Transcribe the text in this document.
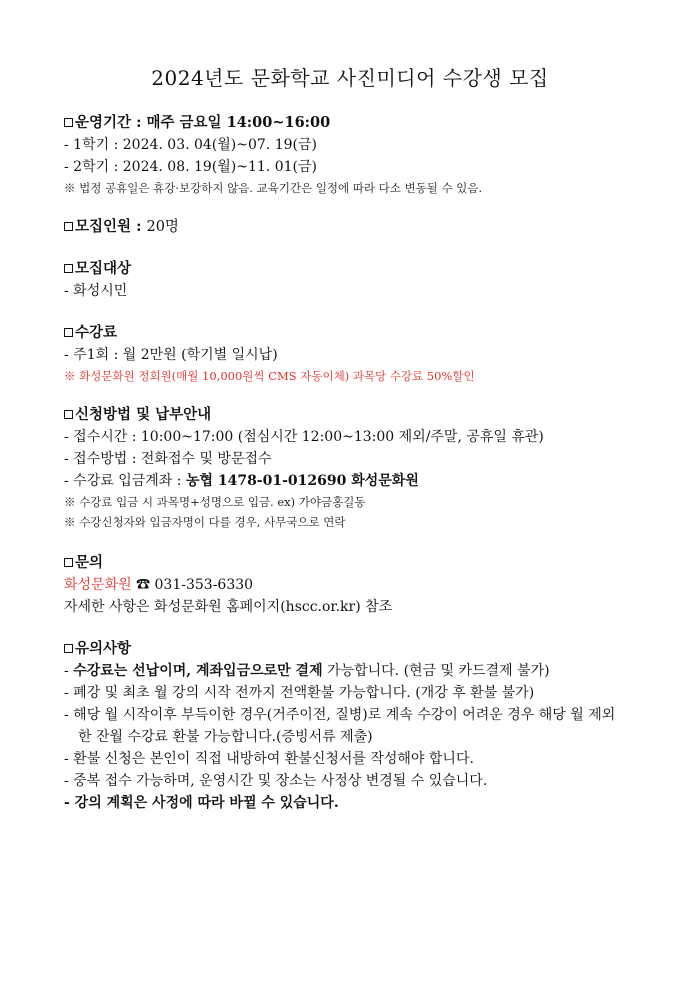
2024년도 문화학교 사진미디어 수강생 모집
운영기간 : 매주 금요일 14:00~16:00
- 1학기 : 2024. 03. 04(월)~07. 19(금)
- 2학기 : 2024. 08. 19(월)~11. 01(금)
※ 법정 공휴일은 휴강·보강하지 않음. 교육기간은 일정에 따라 다소 변동될 수 있음.
모집인원 : 20명
모집대상
- 화성시민
수강료
- 주1회 : 월 2만원 (학기별 일시납)
※ 화성문화원 정회원(매월 10,000원씩 CMS 자동이체) 과목당 수강료 50%할인
신청방법 및 납부안내
- 접수시간 : 10:00~17:00 (점심시간 12:00~13:00 제외/주말, 공휴일 휴관)
- 접수방법 : 전화접수 및 방문접수
- 수강료 입금계좌 : 농협 1478-01-012690 화성문화원
※ 수강료 입금 시 과목명+성명으로 입금. ex) 가야금홍길동
※ 수강신청자와 입금자명이 다를 경우, 사무국으로 연락
문의
화성문화원 ☎ 031-353-6330
자세한 사항은 화성문화원 홈페이지(hscc.or.kr) 참조
유의사항
- 수강료는 선납이며, 계좌입금으로만 결제 가능합니다. (현금 및 카드결제 불가)
- 폐강 및 최초 월 강의 시작 전까지 전액환불 가능합니다. (개강 후 환불 불가)
- 해당 월 시작이후 부득이한 경우(거주이전, 질병)로 계속 수강이 어려운 경우 해당 월 제외
한 잔월 수강료 환불 가능합니다.(증빙서류 제출)
- 환불 신청은 본인이 직접 내방하여 환불신청서를 작성해야 합니다.
- 중복 접수 가능하며, 운영시간 및 장소는 사정상 변경될 수 있습니다.
- 강의 계획은 사정에 따라 바뀔 수 있습니다.
